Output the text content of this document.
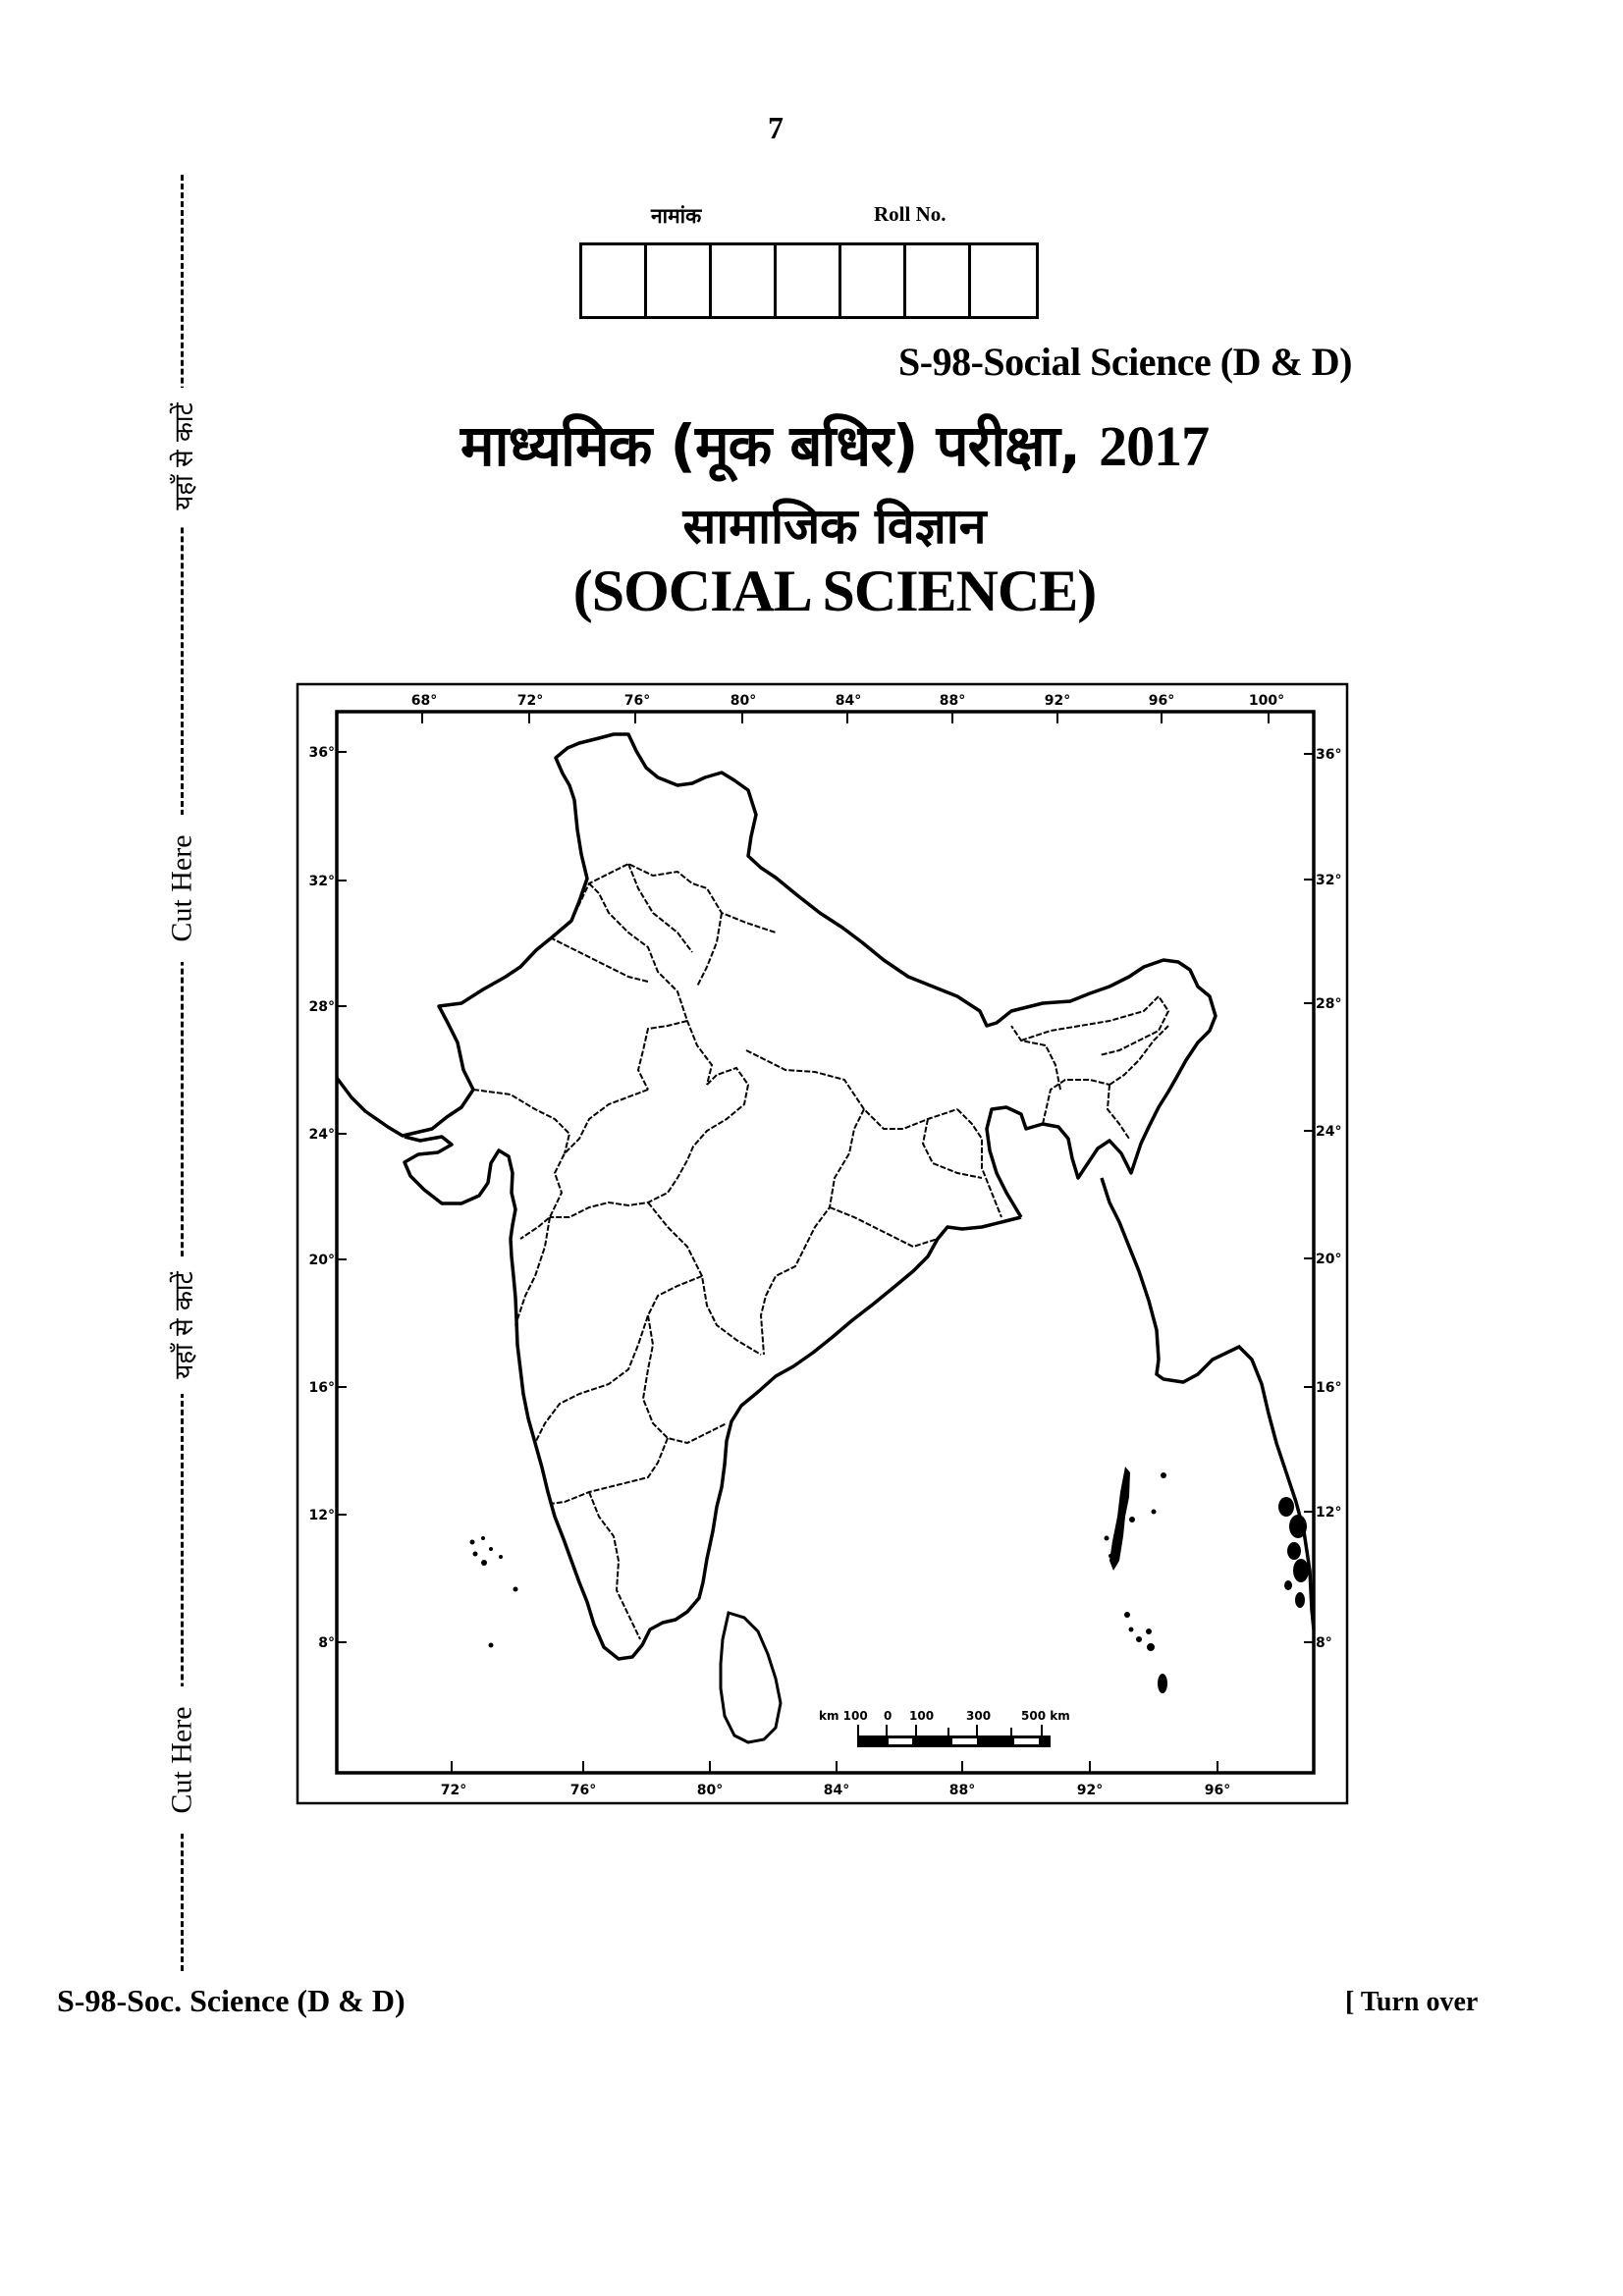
7
नामांक	Roll No.
S-98-Social Science (D & D)
माध्यमिक (मूक बधिर) परीक्षा, 2017
सामाजिक विज्ञान
(SOCIAL SCIENCE)
यहाँ से काटें
Cut Here
यहाँ से काटें
Cut Here
68°	72°	76°	80°	84°	88°	92°	96°	100°
72°	76°	80°	84°	88°	92°	96°
36°
32°
28°
24°
20°
16°
12°
8°
36°
32°
28°
24°
20°
16°
12°
8°
km 100 0 100	300	500 km
S-98-Soc. Science (D & D)	[ Turn over
